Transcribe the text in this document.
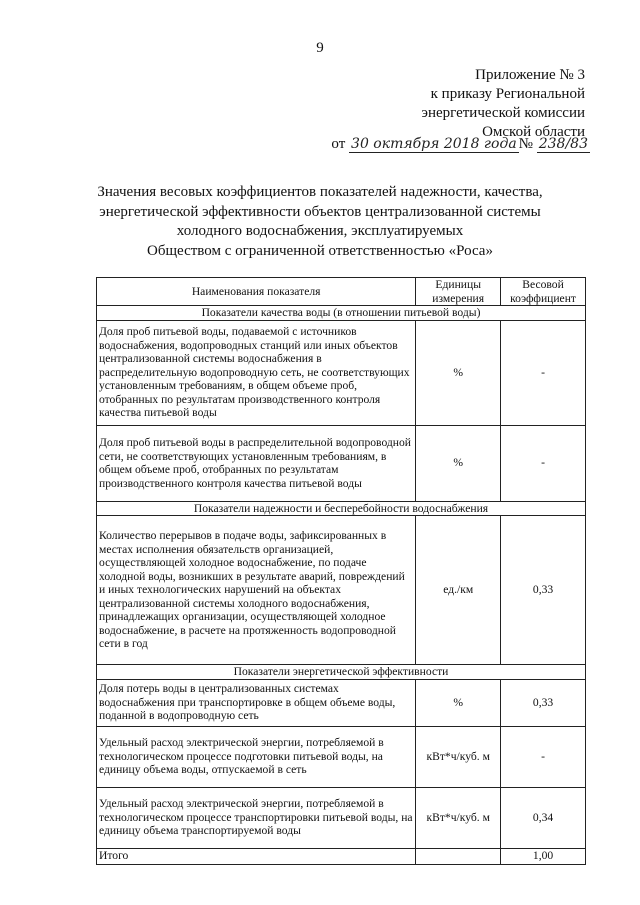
9
Приложение № 3
к приказу Региональной
энергетической комиссии
Омской области
от 30 октября 2018 года № 238/83
Значения весовых коэффициентов показателей надежности, качества,
энергетической эффективности объектов централизованной системы
холодного водоснабжения, эксплуатируемых
Обществом с ограниченной ответственностью «Роса»
Наименования показателя	Единицы измерения	Весовой коэффициент
Показатели качества воды (в отношении питьевой воды)		
Доля проб питьевой воды, подаваемой с источников водоснабжения, водопроводных станций или иных объектов централизованной системы водоснабжения в распределительную водопроводную сеть, не соответствующих установленным требованиям, в общем объеме проб, отобранных по результатам производственного контроля качества питьевой воды	%	-
Доля проб питьевой воды в распределительной водопроводной сети, не соответствующих установленным требованиям, в общем объеме проб, отобранных по результатам производственного контроля качества питьевой воды	%	-
Показатели надежности и бесперебойности водоснабжения		
Количество перерывов в подаче воды, зафиксированных в местах исполнения обязательств организацией, осуществляющей холодное водоснабжение, по подаче холодной воды, возникших в результате аварий, повреждений и иных технологических нарушений на объектах централизованной системы холодного водоснабжения, принадлежащих организации, осуществляющей холодное водоснабжение, в расчете на протяженность водопроводной сети в год	ед./км	0,33
Показатели энергетической эффективности		
Доля потерь воды в централизованных системах водоснабжения при транспортировке в общем объеме воды, поданной в водопроводную сеть	%	0,33
Удельный расход электрической энергии, потребляемой в технологическом процессе подготовки питьевой воды, на единицу объема воды, отпускаемой в сеть	кВт*ч/куб. м	-
Удельный расход электрической энергии, потребляемой в технологическом процессе транспортировки питьевой воды, на единицу объема транспортируемой воды	кВт*ч/куб. м	0,34
Итого		1,00
